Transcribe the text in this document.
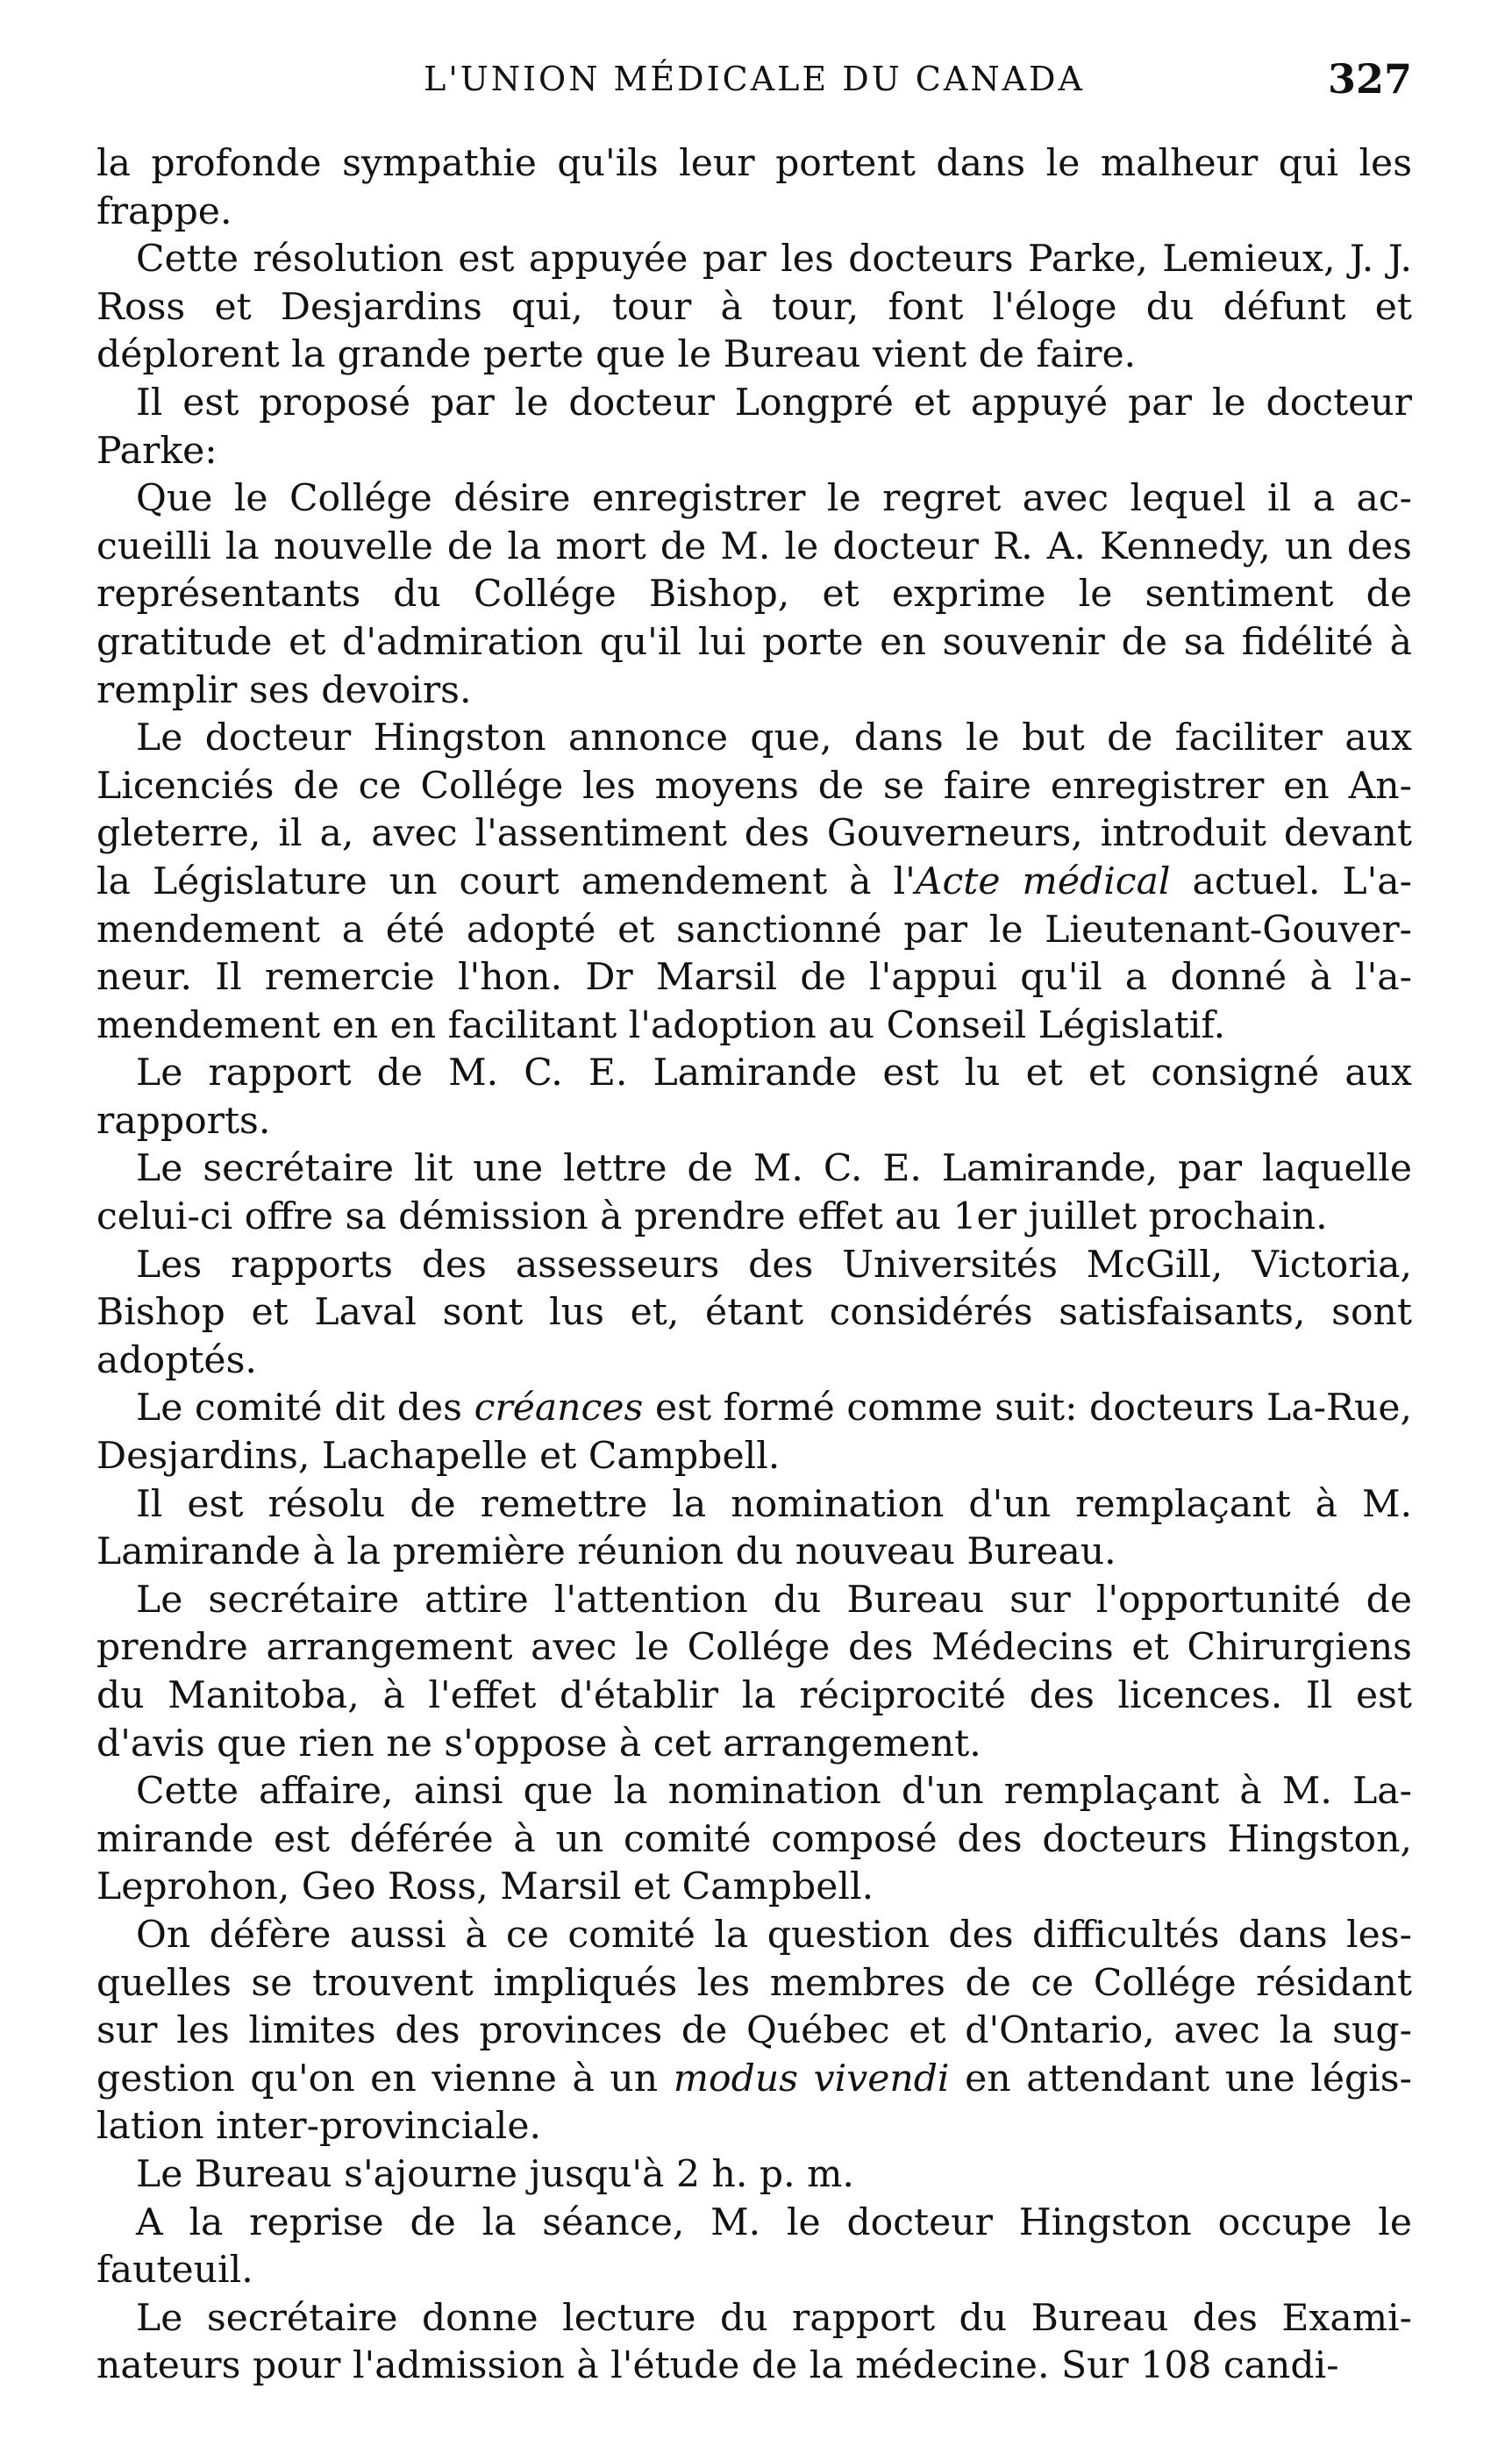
L'UNION MÉDICALE DU CANADA	327

la profonde sympathie qu'ils leur portent dans le malheur qui les frappe.

Cette résolution est appuyée par les docteurs Parke, Lemieux, J. J. Ross et Desjardins qui, tour à tour, font l'éloge du défunt et déplorent la grande perte que le Bureau vient de faire.

Il est proposé par le docteur Longpré et appuyé par le docteur Parke:

Que le Collége désire enregistrer le regret avec lequel il a ac-cueilli la nouvelle de la mort de M. le docteur R. A. Kennedy, un des représentants du Collége Bishop, et exprime le sentiment de gratitude et d'admiration qu'il lui porte en souvenir de sa fidélité à remplir ses devoirs.

Le docteur Hingston annonce que, dans le but de faciliter aux Licenciés de ce Collége les moyens de se faire enregistrer en An-gleterre, il a, avec l'assentiment des Gouverneurs, introduit devant la Législature un court amendement à l'Acte médical actuel. L'a-mendement a été adopté et sanctionné par le Lieutenant-Gouver-neur. Il remercie l'hon. Dr Marsil de l'appui qu'il a donné à l'a-mendement en en facilitant l'adoption au Conseil Législatif.

Le rapport de M. C. E. Lamirande est lu et et consigné aux rapports.

Le secrétaire lit une lettre de M. C. E. Lamirande, par laquelle celui-ci offre sa démission à prendre effet au 1er juillet prochain.

Les rapports des assesseurs des Universités McGill, Victoria, Bishop et Laval sont lus et, étant considérés satisfaisants, sont adoptés.

Le comité dit des créances est formé comme suit: docteurs La-Rue, Desjardins, Lachapelle et Campbell.

Il est résolu de remettre la nomination d'un remplaçant à M. Lamirande à la première réunion du nouveau Bureau.

Le secrétaire attire l'attention du Bureau sur l'opportunité de prendre arrangement avec le Collége des Médecins et Chirurgiens du Manitoba, à l'effet d'établir la réciprocité des licences. Il est d'avis que rien ne s'oppose à cet arrangement.

Cette affaire, ainsi que la nomination d'un remplaçant à M. La-mirande est déférée à un comité composé des docteurs Hingston, Leprohon, Geo Ross, Marsil et Campbell.

On défère aussi à ce comité la question des difficultés dans les-quelles se trouvent impliqués les membres de ce Collége résidant sur les limites des provinces de Québec et d'Ontario, avec la sug-gestion qu'on en vienne à un modus vivendi en attendant une légis-lation inter-provinciale.

Le Bureau s'ajourne jusqu'à 2 h. p. m.

A la reprise de la séance, M. le docteur Hingston occupe le fauteuil.

Le secrétaire donne lecture du rapport du Bureau des Exami-nateurs pour l'admission à l'étude de la médecine. Sur 108 candi-
